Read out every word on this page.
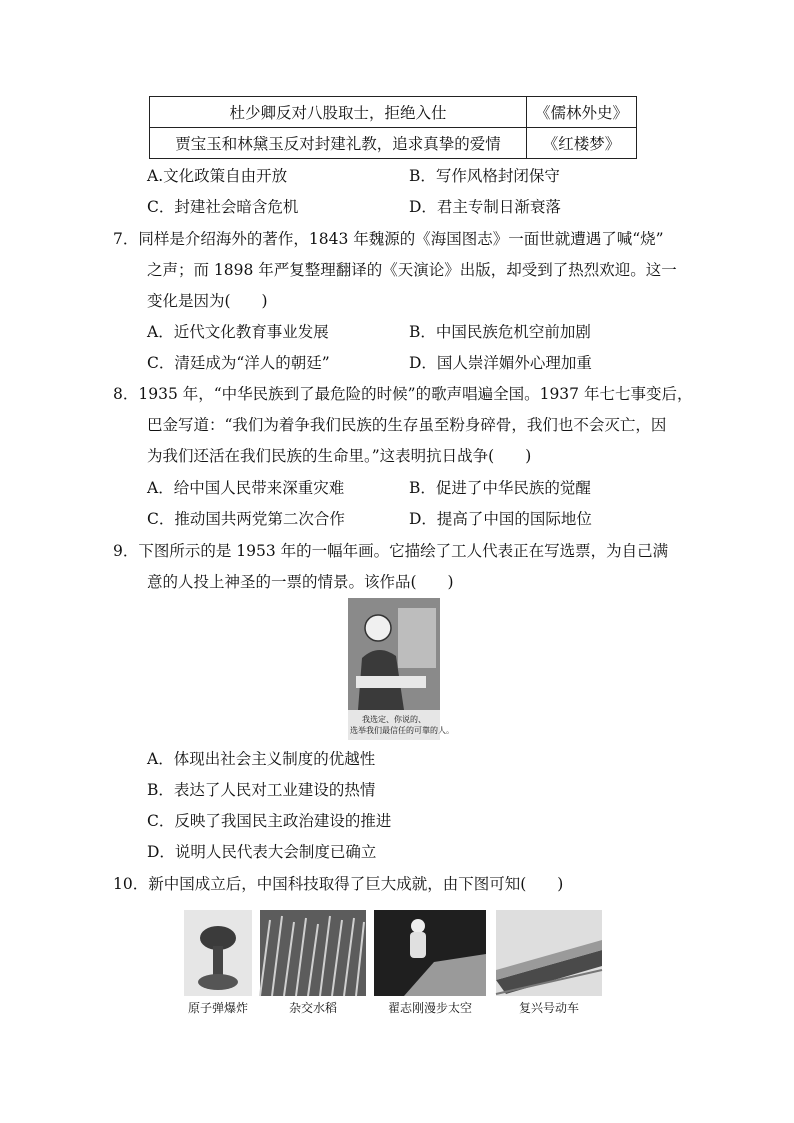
杜少卿反对八股取士，拒绝入仕	《儒林外史》
贾宝玉和林黛玉反对封建礼教，追求真挚的爱情	《红楼梦》
A.文化政策自由开放	B．写作风格封闭保守
C．封建社会暗含危机	D．君主专制日渐衰落
7．同样是介绍海外的著作，1843 年魏源的《海国图志》一面世就遭遇了喊“烧”
之声；而 1898 年严复整理翻译的《天演论》出版，却受到了热烈欢迎。这一
变化是因为(　　)
A．近代文化教育事业发展	B．中国民族危机空前加剧
C．清廷成为“洋人的朝廷”	D．国人崇洋媚外心理加重
8．1935 年，“中华民族到了最危险的时候”的歌声唱遍全国。1937 年七七事变后，
巴金写道：“我们为着争我们民族的生存虽至粉身碎骨，我们也不会灭亡，因
为我们还活在我们民族的生命里。”这表明抗日战争(　　)
A．给中国人民带来深重灾难	B．促进了中华民族的觉醒
C．推动国共两党第二次合作	D．提高了中国的国际地位
9．下图所示的是 1953 年的一幅年画。它描绘了工人代表正在写选票，为自己满
意的人投上神圣的一票的情景。该作品(　　)
我选定、你说的、
选举我们最信任的可靠的人。
A．体现出社会主义制度的优越性
B．表达了人民对工业建设的热情
C．反映了我国民主政治建设的推进
D．说明人民代表大会制度已确立
10．新中国成立后，中国科技取得了巨大成就，由下图可知(　　)
原子弹爆炸	杂交水稻	翟志刚漫步太空	复兴号动车
